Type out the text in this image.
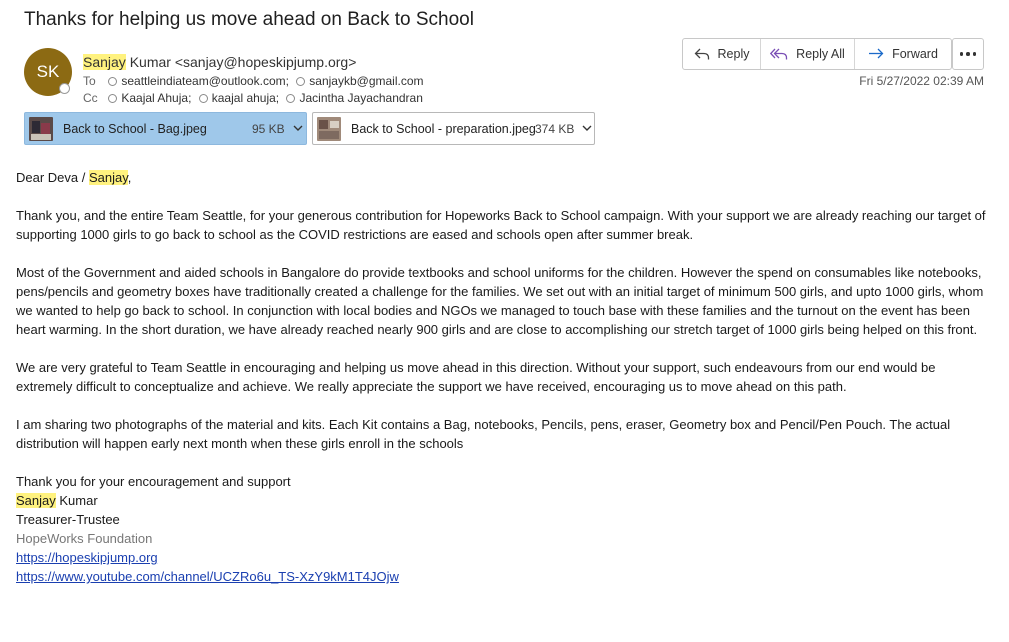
Thanks for helping us move ahead on Back to School
SK Sanjay Kumar <sanjay@hopeskipjump.org>
To seattleindiateam@outlook.com; sanjaykb@gmail.com
Cc Kaajal Ahuja; kaajal ahuja; Jacintha Jayachandran
Reply	Reply All	Forward
Fri 5/27/2022 02:39 AM
Back to School - Bag.jpeg	95 KB	Back to School - preparation.jpeg 374 KB

Dear Deva / Sanjay,

Thank you, and the entire Team Seattle, for your generous contribution for Hopeworks Back to School campaign. With your support we are already reaching our target of supporting 1000 girls to go back to school as the COVID restrictions are eased and schools open after summer break.

Most of the Government and aided schools in Bangalore do provide textbooks and school uniforms for the children. However the spend on consumables like notebooks, pens/pencils and geometry boxes have traditionally created a challenge for the families. We set out with an initial target of minimum 500 girls, and upto 1000 girls, whom we wanted to help go back to school. In conjunction with local bodies and NGOs we managed to touch base with these families and the turnout on the event has been heart warming. In the short duration, we have already reached nearly 900 girls and are close to accomplishing our stretch target of 1000 girls being helped on this front.

We are very grateful to Team Seattle in encouraging and helping us move ahead in this direction. Without your support, such endeavours from our end would be extremely difficult to conceptualize and achieve. We really appreciate the support we have received, encouraging us to move ahead on this path.

I am sharing two photographs of the material and kits. Each Kit contains a Bag, notebooks, Pencils, pens, eraser, Geometry box and Pencil/Pen Pouch. The actual distribution will happen early next month when these girls enroll in the schools

Thank you for your encouragement and support
Sanjay Kumar
Treasurer-Trustee
HopeWorks Foundation
https://hopeskipjump.org
https://www.youtube.com/channel/UCZRo6u_TS-XzY9kM1T4JOjw
